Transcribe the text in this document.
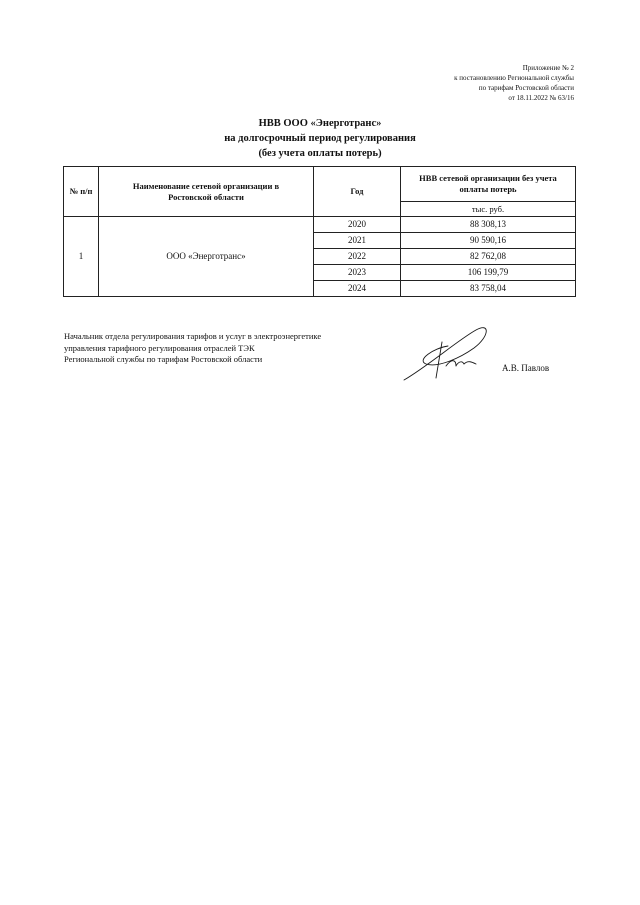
Приложение № 2
к постановлению Региональной службы
по тарифам Ростовской области
от 18.11.2022 № 63/16
НВВ ООО «Энерготранс»
на долгосрочный период регулирования
(без учета оплаты потерь)
№ п/п	Наименование сетевой организации в Ростовской области	Год	НВВ сетевой организации без учета оплаты потерь
			тыс. руб.
1	ООО «Энерготранс»	2020	88 308,13
		2021	90 590,16
		2022	82 762,08
		2023	106 199,79
		2024	83 758,04
Начальник отдела регулирования тарифов и услуг в электроэнергетике
управления тарифного регулирования отраслей ТЭК
Региональной службы по тарифам Ростовской области
А.В. Павлов
